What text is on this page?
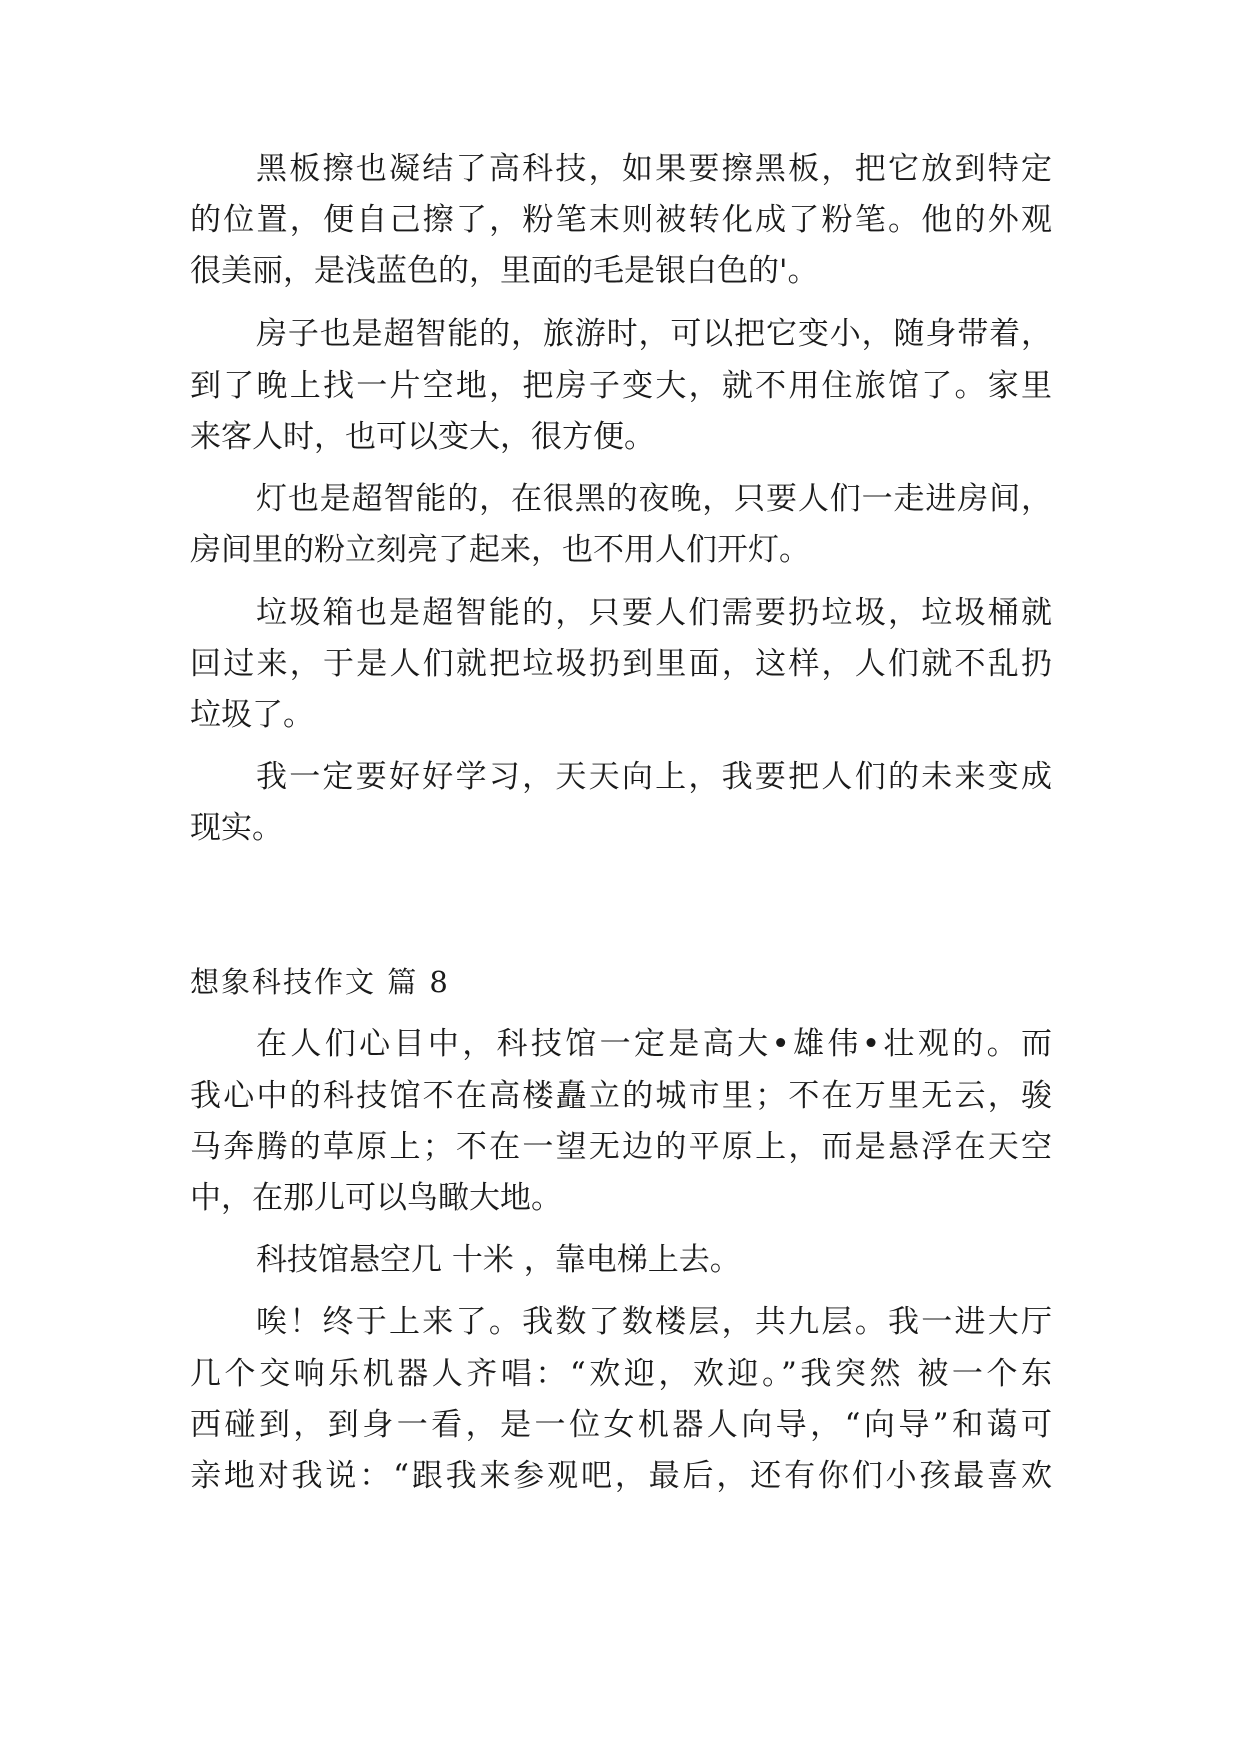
黑板擦也凝结了高科技，如果要擦黑板，把它放到特定
的位置，便自己擦了，粉笔末则被转化成了粉笔。他的外观
很美丽，是浅蓝色的，里面的毛是银白色的'。
房子也是超智能的，旅游时，可以把它变小，随身带着，
到了晚上找一片空地，把房子变大，就不用住旅馆了。家里
来客人时，也可以变大，很方便。
灯也是超智能的，在很黑的夜晚，只要人们一走进房间，
房间里的粉立刻亮了起来，也不用人们开灯。
垃圾箱也是超智能的，只要人们需要扔垃圾，垃圾桶就
回过来，于是人们就把垃圾扔到里面，这样，人们就不乱扔
垃圾了。
我一定要好好学习，天天向上，我要把人们的未来变成
现实。
想象科技作文 篇 8
在人们心目中，科技馆一定是高大•雄伟•壮观的。而
我心中的科技馆不在高楼矗立的城市里；不在万里无云，骏
马奔腾的草原上；不在一望无边的平原上，而是悬浮在天空
中，在那儿可以鸟瞰大地。
科技馆悬空几 十米 ，靠电梯上去。
唉！终于上来了。我数了数楼层，共九层。我一进大厅
几个交响乐机器人齐唱：“欢迎，欢迎。”我突然 被一个东
西碰到，到身一看，是一位女机器人向导，“向导”和蔼可
亲地对我说：“跟我来参观吧，最后，还有你们小孩最喜欢
